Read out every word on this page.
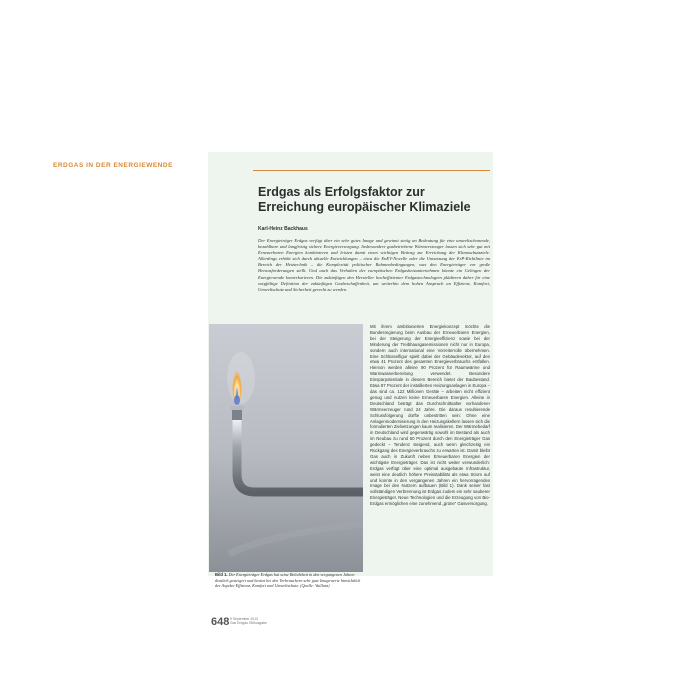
ERDGAS IN DER ENERGIEWENDE
Erdgas als Erfolgsfaktor zur Erreichung europäischer Klimaziele
Karl-Heinz Backhaus
Der Energieträger Erdgas verfügt über ein sehr gutes Image und gewinnt stetig an Bedeutung für eine umweltschonende, bezahlbare und langfristig sichere Energieversorgung. Insbesondere gasbetriebene Wärmeerzeuger lassen sich sehr gut mit Erneuerbaren Energien kombinieren und leisten damit einen wichtigen Beitrag zur Erreichung der Klimaschutzziele. Allerdings erhöht sich durch aktuelle Entwicklungen – etwa die EnEV-Novelle oder die Umsetzung der ErP-Richtlinie im Bereich der Heiztechnik – die Komplexität politischer Rahmenbedingungen, was den Energieträger vor große Herausforderungen stellt. Und auch das Verhalten der europäischen Erdgasheizunternehmen könnte ein Gelingen der Energiewende konterkarieren. Die zukünftigen den Hersteller hocheffizienter Erdgastechnologien plädieren daher für eine sorgfältige Definition der zukünftigen Gasbeschaffenheit, um weiterhin dem hohen Anspruch an Effizienz, Komfort, Umweltschutz und Sicherheit gerecht zu werden.
Bild 1. Der Energieträger Erdgas hat seine Beliebtheit in den vergangenen Jahren deutlich gesteigert und besitzt bei den Verbrauchern sehr gute Imagewerte hinsichtlich der Aspekte Effizienz, Komfort und Umweltschutz. (Quelle: Vaillant)

Mit ihrem ambitionierten Energiekonzept möchte die Bundesregierung beim Ausbau der Erneuerbaren Energien, bei der Steigerung der Energieeffizienz sowie bei der Minderung der Treibhausgasemissionen nicht nur in Europa, sondern auch international eine Vorreiterrolle übernehmen. Eine Schlüsselfigur spielt dabei der Gebäudesektor, auf den etwa 41 Prozent des gesamten Energieverbrauchs entfallen. Hiervon werden alleine 90 Prozent für Raumwärme und Warmwasserbereitung verwendet. Besondere Einsparpotentiale in diesem Bereich bietet der Baubestand. Etwa 87 Prozent der installierten Heizungsanlagen in Europa – das sind ca. 122 Millionen Geräte – arbeiten nicht effizient genug und nutzen keine Erneuerbaren Energien. Alleine in Deutschland beträgt das Durchschnittsalter vorhandener Wärmeerzeuger rund 24 Jahre. Die daraus resultierende Schlussfolgerung dürfte unbestritten sein: Ohne eine Anlagenmodernisierung in den Heizungskellern lassen sich die formulierten Zielsetzungen kaum realisieren. Der Wärmebedarf in Deutschland wird gegenwärtig sowohl im Bestand als auch im Neubau zu rund 50 Prozent durch den Energieträger Gas gedeckt – Tendenz steigend, auch wenn gleichzeitig ein Rückgang des Energieverbrauchs zu erwarten ist. Damit bleibt Gas auch in Zukunft neben Erneuerbaren Energien der wichtigste Energieträger. Das ist nicht weiter verwunderlich: Erdgas verfügt über eine optimal ausgebaute Infrastruktur, weist eine deutlich höhere Preisstabilität als etwa Strom auf und konnte in den vergangenen Jahren ein hervorragendes Image bei den Nutzern aufbauen (Bild 1). Dank seiner fast vollständigen Verbrennung ist Erdgas zudem ein sehr sauberer Energieträger. Neue Technologien und die Erzeugung von Bio-Erdgas ermöglichen eine zunehmend „grüne“ Gasversorgung.

648 9 September 2013
Gas Erdgas 09/Ausgabe
